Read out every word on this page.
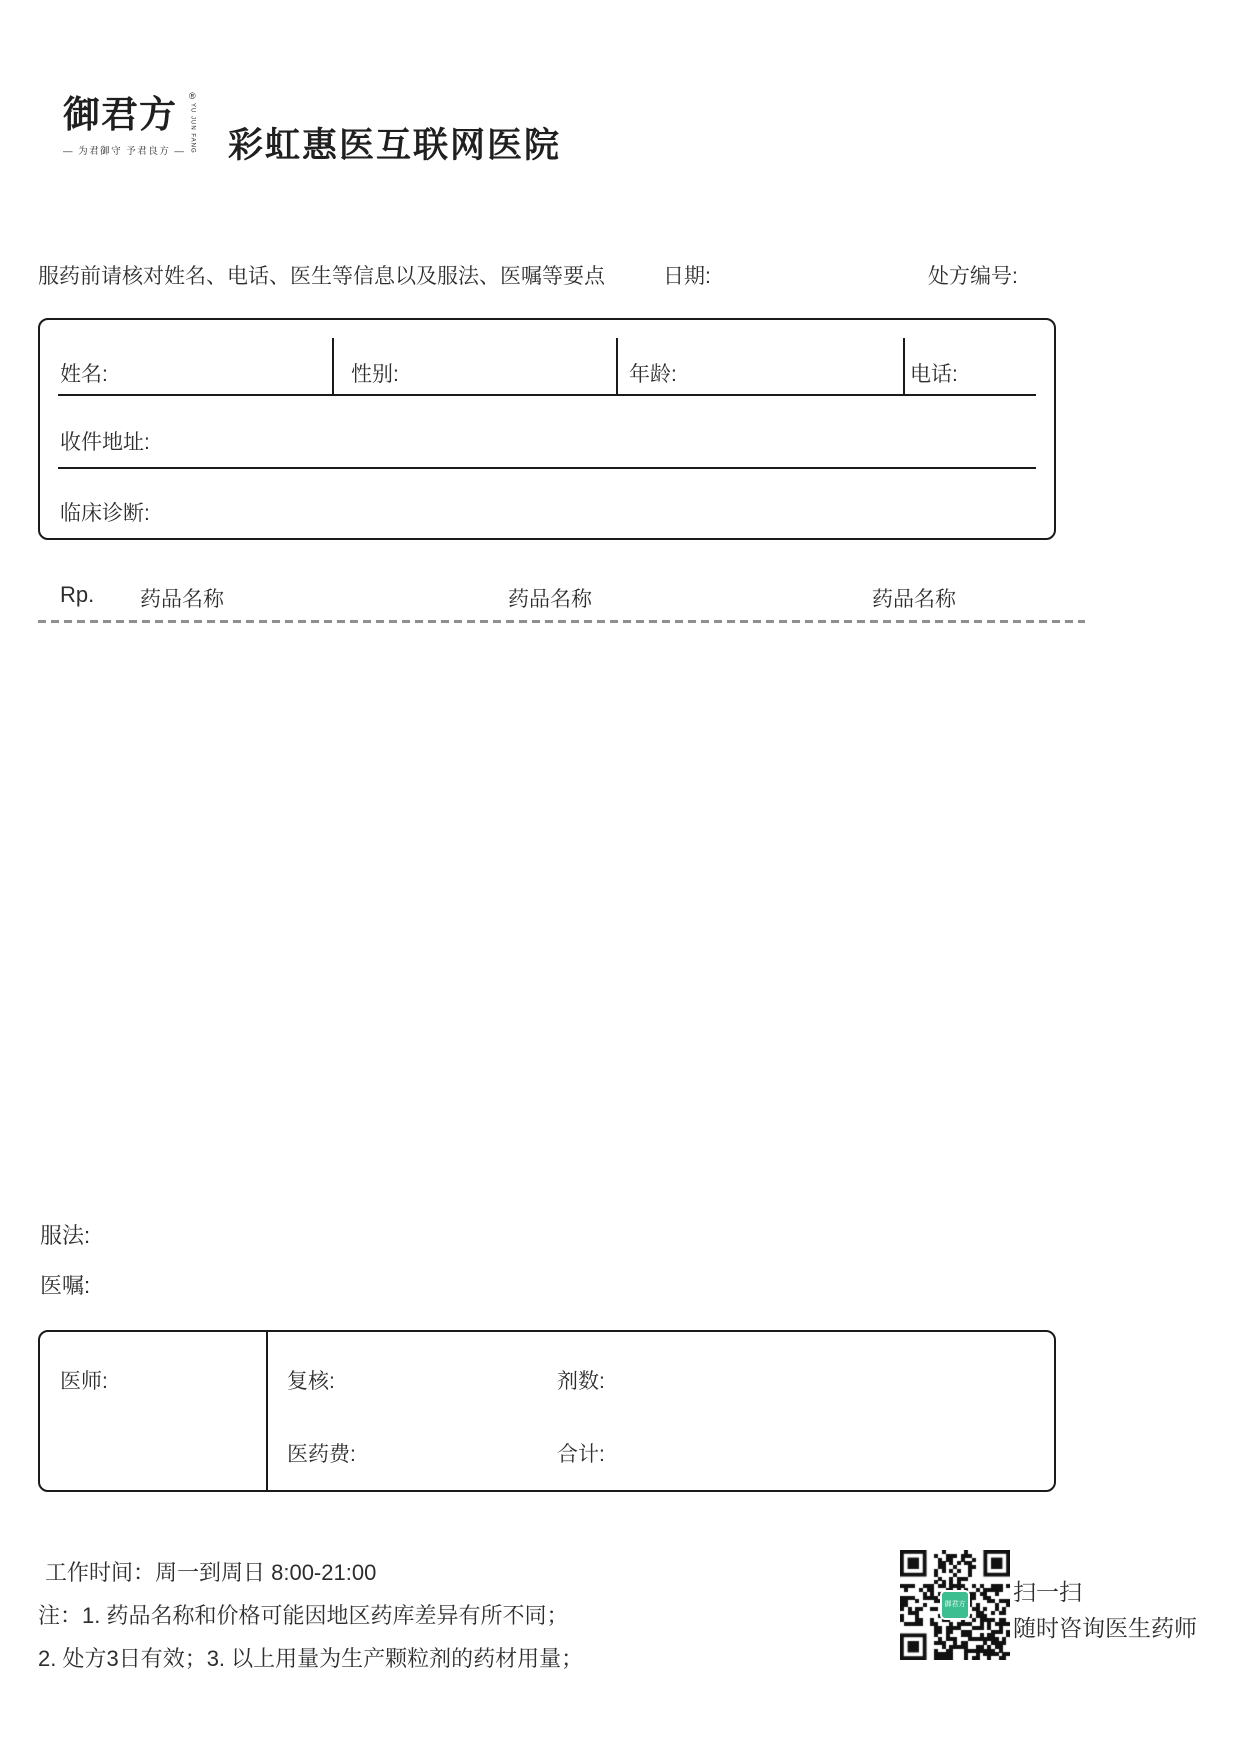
御君方 ®
YU JUN FANG
— 为君御守 予君良方 —	彩虹惠医互联网医院
服药前请核对姓名、电话、医生等信息以及服法、医嘱等要点	日期:	处方编号:
姓名:	性别:	年龄:	电话:
收件地址:
临床诊断:
Rp. 药品名称	药品名称	药品名称
服法:
医嘱:
医师:	复核:	剂数:
医药费:	合计:
工作时间：周一到周日 8:00-21:00
注：1. 药品名称和价格可能因地区药库差异有所不同；
2. 处方3日有效；3. 以上用量为生产颗粒剂的药材用量；
御君方 扫一扫
随时咨询医生药师
